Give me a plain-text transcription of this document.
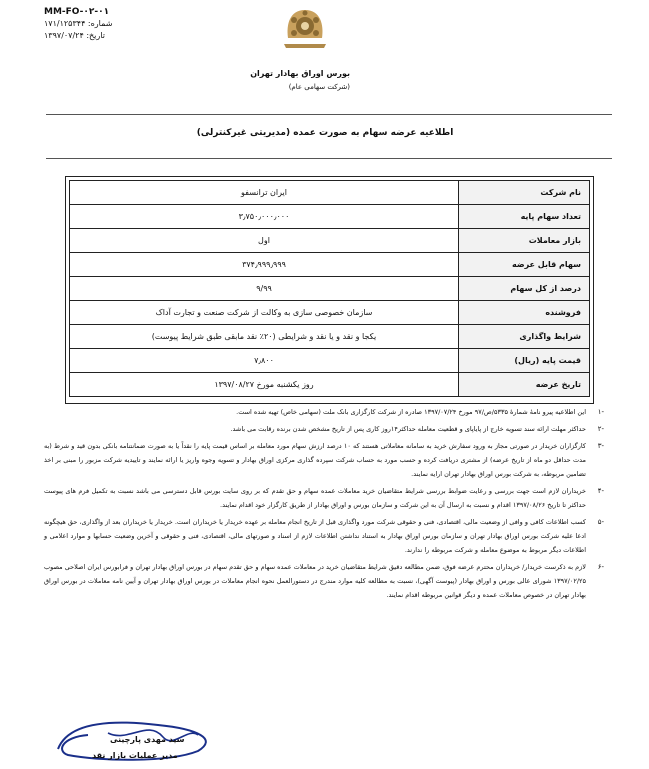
MM-FO-۰۲-۰۱
شماره: ۱۷۱/۱۲۵۳۴۴
تاریخ: ۱۳۹۷/۰۷/۲۴
بورس اوراق بهادار تهران
(شرکت سهامی عام)
اطلاعیه عرضه سهام به صورت عمده (مدیریتی غیرکنترلی)
نام شرکت	ایران ترانسفو
تعداد سهام پایه	۳٫۷۵۰٫۰۰۰٫۰۰۰
بازار معاملات	اول
سهام قابل عرضه	۳۷۴٫۹۹۹٫۹۹۹
درصد از کل سهام	۹/۹۹
فروشنده	سازمان خصوصی سازی به وکالت از شرکت صنعت و تجارت آداک
شرایط واگذاری	یکجا و نقد و یا نقد و شرایطی (۲۰٪ نقد مابقی طبق شرایط پیوست)
قیمت پایه (ریال)	۷٫۸۰۰
تاریخ عرضه	روز یکشنبه مورخ ۱۳۹۷/۰۸/۲۷
-۱
این اطلاعیه پیرو نامهٔ شمارهٔ ۵۳۳۵/ص/۹۷ مورخ ۱۳۹۷/۰۷/۲۴ صادره از شرکت کارگزاری بانک ملت (سهامی خاص) تهیه شده است.
-۲
حداکثر مهلت ارائه سند تسویه خارج از پایاپای و قطعیت معامله حداکثر۱۴روز کاری پس از تاریخ مشخص شدن برنده رقابت می باشد.
-۳
کارگزاران خریدار در صورتی مجاز به ورود سفارش خرید به سامانه معاملاتی هستند که ۱۰ درصد ارزش سهام مورد معامله بر اساس قیمت پایه را نقداً یا به صورت ضمانتنامه بانکی بدون قید و شرط (به مدت حداقل دو ماه از تاریخ عرضه) از مشتری دریافت کرده و حسب مورد به حساب شرکت سپرده گذاری مرکزی اوراق بهادار و تسویه وجوه واریز یا ارائه نمایند و تاییدیه شرکت مزبور را مبنی بر اخذ تضامین مربوطه، به شرکت بورس اوراق بهادار تهران ارایه نمایند.
-۴
خریداران لازم است جهت بررسی و رعایت ضوابط بررسی شرایط متقاضیان خرید معاملات عمده سهام و حق تقدم که بر روی سایت بورس قابل دسترسی می باشد نسبت به تکمیل فرم های پیوست حداکثر تا تاریخ ۱۳۹۷/۰۸/۲۶ اقدام و نسبت به ارسال آن به این شرکت و سازمان بورس و اوراق بهادار از طریق کارگزار خود اقدام نمایند.
-۵
کسب اطلاعات کافی و وافی از وضعیت مالی، اقتصادی، فنی و حقوقی شرکت مورد واگذاری قبل از تاریخ انجام معامله بر عهده خریدار یا خریداران است. خریدار یا خریداران بعد از واگذاری، حق هیچگونه ادعا علیه شرکت بورس اوراق بهادار تهران و سازمان بورس اوراق بهادار به استناد نداشتن اطلاعات لازم از اسناد و صورتهای مالی، اقتصادی، فنی و حقوقی و آخرین وضعیت حسابها و موارد اعلامی و اطلاعات دیگر مربوط به موضوع معامله و شرکت مربوطه را ندارند.
-۶
لازم به ذکرست خریدار/ خریداران محترم عرضه فوق، ضمن مطالعه دقیق شرایط متقاضیان خرید در معاملات عمده سهام و حق تقدم سهام در بورس اوراق بهادار تهران و فرابورس ایران اصلاحی مصوب ۱۳۹۷/۰۲/۲۵ شورای عالی بورس و اوراق بهادار (پیوست آگهی)، نسبت به مطالعه کلیه موارد مندرج در دستورالعمل نحوه انجام معاملات در بورس اوراق بهادار تهران و آیین نامه معاملات در بورس اوراق بهادار تهران در خصوص معاملات عمده و دیگر قوانین مربوطه اقدام نمایند.
سید مهدی پارچینی
مدیر عملیات بازار نقد
